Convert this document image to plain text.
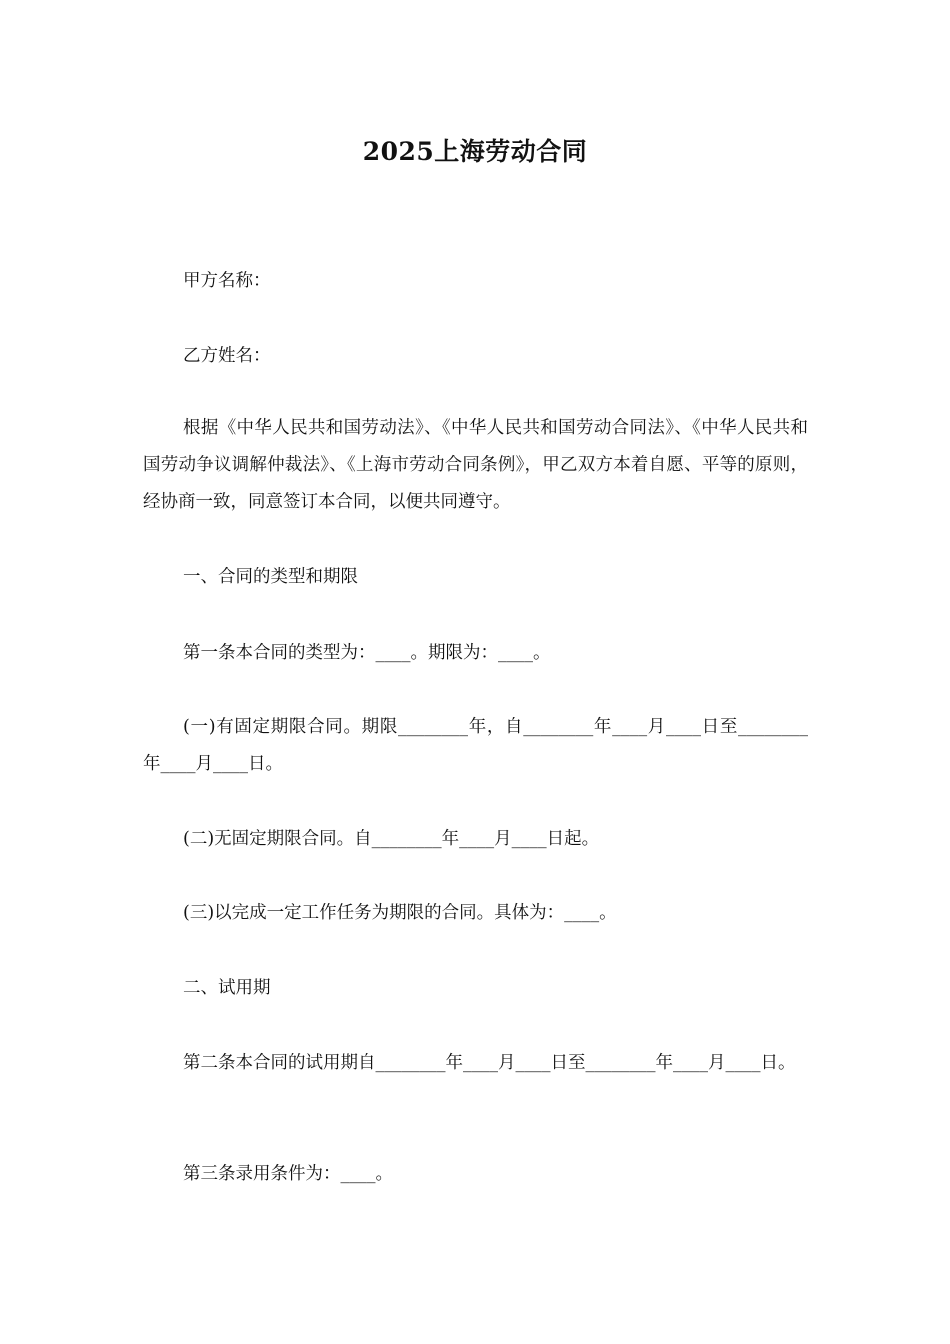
2025上海劳动合同

甲方名称：

乙方姓名：

根据《中华人民共和国劳动法》、《中华人民共和国劳动合同法》、《中华人民共和国劳动争议调解仲裁法》、《上海市劳动合同条例》，甲乙双方本着自愿、平等的原则，经协商一致，同意签订本合同，以便共同遵守。

一、合同的类型和期限

第一条本合同的类型为：____。期限为：____。

(一)有固定期限合同。期限________年，自________年____月____日至________年____月____日。

(二)无固定期限合同。自________年____月____日起。

(三)以完成一定工作任务为期限的合同。具体为：____。

二、试用期

第二条本合同的试用期自________年____月____日至________年____月____日。

第三条录用条件为：____。
